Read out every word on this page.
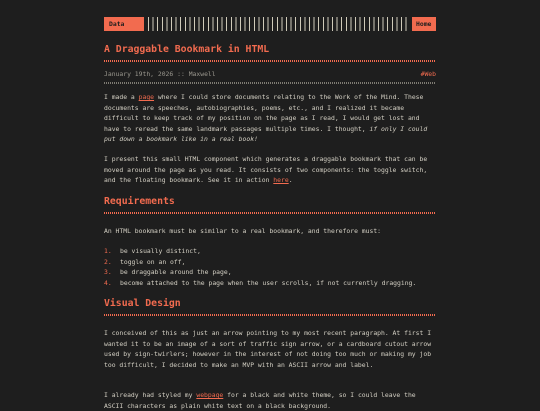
Data Log
Home
A Draggable Bookmark in HTML
January 19th, 2026 :: Maxwell	#Web

I made a page where I could store documents relating to the Work of the Mind. These documents are speeches, autobiographies, poems, etc., and I realized it became difficult to keep track of my position on the page as I read, I would get lost and have to reread the same landmark passages multiple times. I thought, if only I could put down a bookmark like in a real book!

I present this small HTML component which generates a draggable bookmark that can be moved around the page as you read. It consists of two components: the toggle switch, and the floating bookmark. See it in action here.

Requirements

An HTML bookmark must be similar to a real bookmark, and therefore must:

1. be visually distinct,
2. toggle on an off,
3. be draggable around the page,
4. become attached to the page when the user scrolls, if not currently dragging.
Visual Design

I conceived of this as just an arrow pointing to my most recent paragraph. At first I wanted it to be an image of a sort of traffic sign arrow, or a cardboard cutout arrow used by sign-twirlers; however in the interest of not doing too much or making my job too difficult, I decided to make an MVP with an ASCII arrow and label.

I already had styled my webpage for a black and white theme, so I could leave the ASCII characters as plain white text on a black background.
